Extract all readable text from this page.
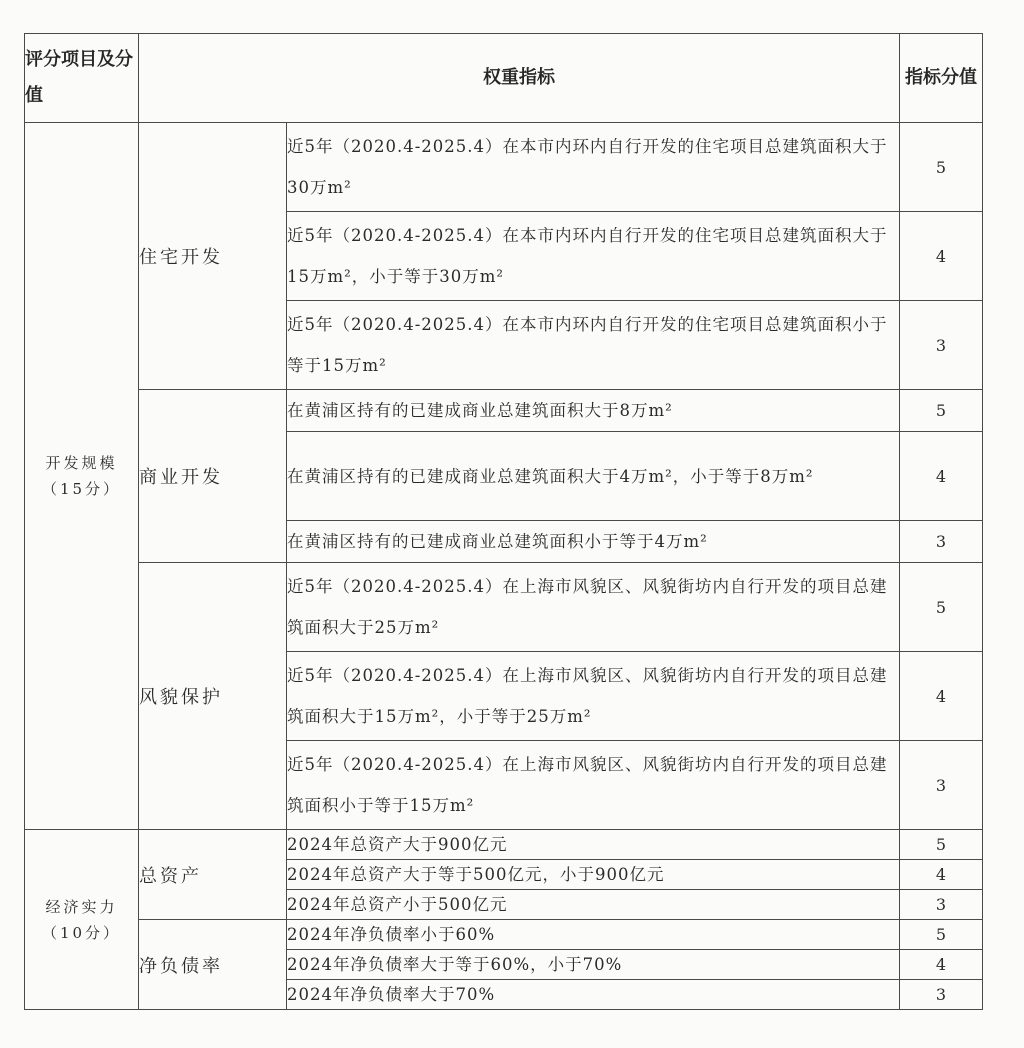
评分项目及分值	权重指标		指标分值
开发规模（15分）	住宅开发	近5年（2020.4-2025.4）在本市内环内自行开发的住宅项目总建筑面积大于30万m²	5
		近5年（2020.4-2025.4）在本市内环内自行开发的住宅项目总建筑面积大于15万m²，小于等于30万m²	4
		近5年（2020.4-2025.4）在本市内环内自行开发的住宅项目总建筑面积小于等于15万m²	3
	商业开发	在黄浦区持有的已建成商业总建筑面积大于8万m²	5
		在黄浦区持有的已建成商业总建筑面积大于4万m²，小于等于8万m²	4
		在黄浦区持有的已建成商业总建筑面积小于等于4万m²	3
	风貌保护	近5年（2020.4-2025.4）在上海市风貌区、风貌街坊内自行开发的项目总建筑面积大于25万m²	5
		近5年（2020.4-2025.4）在上海市风貌区、风貌街坊内自行开发的项目总建筑面积大于15万m²，小于等于25万m²	4
		近5年（2020.4-2025.4）在上海市风貌区、风貌街坊内自行开发的项目总建筑面积小于等于15万m²	3
经济实力（10分）	总资产	2024年总资产大于900亿元	5
		2024年总资产大于等于500亿元，小于900亿元	4
		2024年总资产小于500亿元	3
	净负债率	2024年净负债率小于60%	5
		2024年净负债率大于等于60%，小于70%	4
		2024年净负债率大于70%	3
